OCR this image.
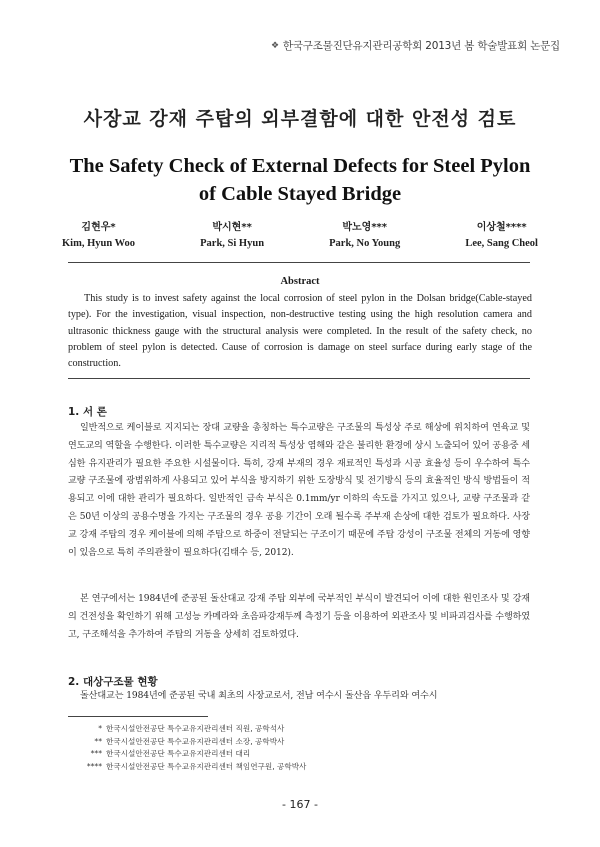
❖ 한국구조물진단유지관리공학회 2013년 봄 학술발표회 논문집
사장교 강재 주탑의 외부결함에 대한 안전성 검토
The Safety Check of External Defects for Steel Pylon
of Cable Stayed Bridge
김현우*
Kim, Hyun Woo
박시현**
Park, Si Hyun
박노영***
Park, No Young
이상철****
Lee, Sang Cheol
Abstract
This study is to invest safety against the local corrosion of steel pylon in the Dolsan bridge(Cable-stayed type). For the investigation, visual inspection, non-destructive testing using the high resolution camera and ultrasonic thickness gauge with the structural analysis were completed. In the result of the safety check, no problem of steel pylon is detected. Cause of corrosion is damage on steel surface during early stage of the construction.
1. 서 론
일반적으로 케이블로 지지되는 장대 교량을 총칭하는 특수교량은 구조물의 특성상 주로 해상에 위치하여 연육교 및 연도교의 역할을 수행한다. 이러한 특수교량은 지리적 특성상 염해와 같은 불리한 환경에 상시 노출되어 있어 공용중 세심한 유지관리가 필요한 주요한 시설물이다. 특히, 강재 부재의 경우 재료적인 특성과 시공 효율성 등이 우수하여 특수교량 구조물에 광범위하게 사용되고 있어 부식을 방지하기 위한 도장방식 및 전기방식 등의 효율적인 방식 방법들이 적용되고 이에 대한 관리가 필요하다. 일반적인 금속 부식은 0.1mm/yr 이하의 속도를 가지고 있으나, 교량 구조물과 같은 50년 이상의 공용수명을 가지는 구조물의 경우 공용 기간이 오래 될수록 주부재 손상에 대한 검토가 필요하다. 사장교 강재 주탑의 경우 케이블에 의해 주탑으로 하중이 전달되는 구조이기 때문에 주탑 강성이 구조물 전체의 거동에 영향이 있음으로 특히 주의관찰이 필요하다(김태수 등, 2012).
본 연구에서는 1984년에 준공된 돌산대교 강재 주탑 외부에 국부적인 부식이 발견되어 이에 대한 원인조사 및 강재의 건전성을 확인하기 위해 고성능 카메라와 초음파강재두께 측정기 등을 이용하여 외관조사 및 비파괴검사를 수행하였고, 구조해석을 추가하여 주탑의 거동을 상세히 검토하였다.
2. 대상구조물 현황
돌산대교는 1984년에 준공된 국내 최초의 사장교로서, 전남 여수시 돌산읍 우두리와 여수시
* 한국시설안전공단 특수교유지관리센터 직원, 공학석사
** 한국시설안전공단 특수교유지관리센터 소장, 공학박사
*** 한국시설안전공단 특수교유지관리센터 대리
**** 한국시설안전공단 특수교유지관리센터 책임연구원, 공학박사
- 167 -
